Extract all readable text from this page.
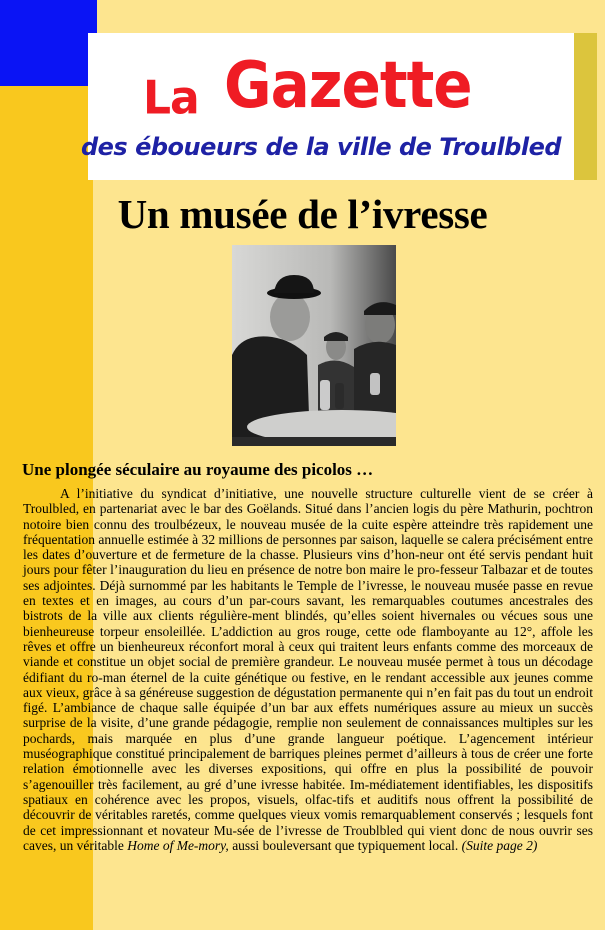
La Gazette
des éboueurs de la ville de Troulbled
Un musée de l’ivresse
Une plongée séculaire au royaume des picolos …

A l’initiative du syndicat d’initiative, une nouvelle structure culturelle vient de se créer à Troulbled, en partenariat avec le bar des Goëlands. Situé dans l’ancien logis du père Mathurin, pochtron notoire bien connu des troulbézeux, le nouveau musée de la cuite espère atteindre très rapidement une fréquentation annuelle estimée à 32 millions de personnes par saison, laquelle se calera précisément entre les dates d’ouverture et de fermeture de la chasse. Plusieurs vins d’hon-neur ont été servis pendant huit jours pour fêter l’inauguration du lieu en présence de notre bon maire le pro-fesseur Talbazar et de toutes ses adjointes. Déjà surnommé par les habitants le Temple de l’ivresse, le nouveau musée passe en revue en textes et en images, au cours d’un par-cours savant, les remarquables coutumes ancestrales des bistrots de la ville aux clients régulière-ment blindés, qu’elles soient hivernales ou vécues sous une bienheureuse torpeur ensoleillée. L’addiction au gros rouge, cette ode flamboyante au 12°, affole les rêves et offre un bienheureux réconfort moral à ceux qui traitent leurs enfants comme des morceaux de viande et constitue un objet social de première grandeur. Le nouveau musée permet à tous un décodage édifiant du ro-man éternel de la cuite génétique ou festive, en le rendant accessible aux jeunes comme aux vieux, grâce à sa généreuse suggestion de dégustation permanente qui n’en fait pas du tout un endroit figé. L’ambiance de chaque salle équipée d’un bar aux effets numériques assure au mieux un succès surprise de la visite, d’une grande pédagogie, remplie non seulement de connaissances multiples sur les pochards, mais marquée en plus d’une grande langueur poétique. L’agencement intérieur muséographique constitué principalement de barriques pleines permet d’ailleurs à tous de créer une forte relation émotionnelle avec les diverses expositions, qui offre en plus la possibilité de pouvoir s’agenouiller très facilement, au gré d’une ivresse habitée. Im-médiatement identifiables, les dispositifs spatiaux en cohérence avec les propos, visuels, olfac-tifs et auditifs nous offrent la possibilité de découvrir de véritables raretés, comme quelques vieux vomis remarquablement conservés ; lesquels font de cet impressionnant et novateur Mu-sée de l’ivresse de Troublbled qui vient donc de nous ouvrir ses caves, un véritable Home of Me-mory, aussi bouleversant que typiquement local. (Suite page 2)
